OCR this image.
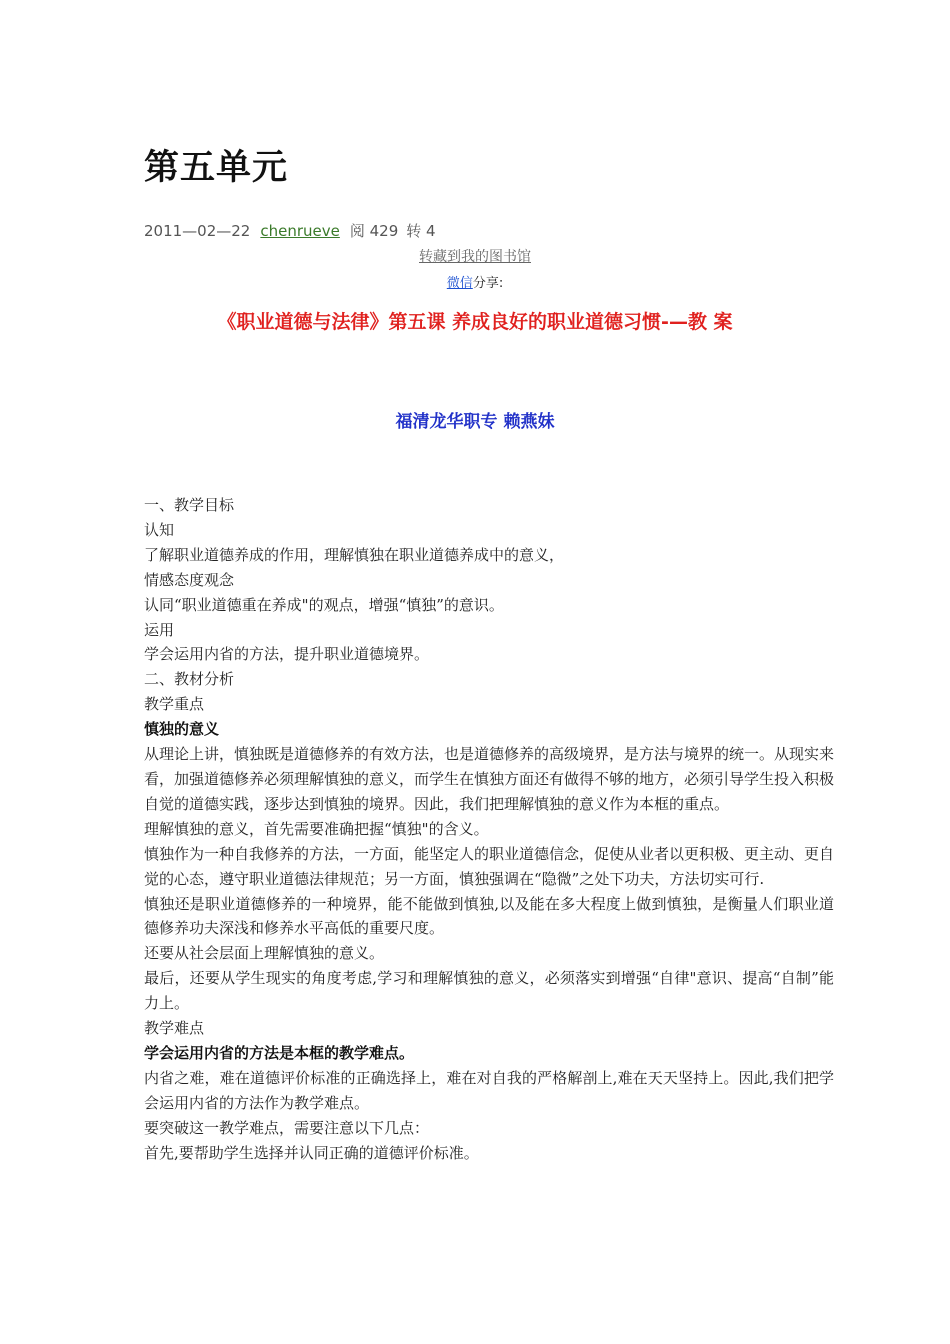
第五单元
2011—02—22 chenrueve 阅 429 转 4
转藏到我的图书馆
微信分享:
《职业道德与法律》第五课 养成良好的职业道德习惯-—教 案
福清龙华职专 赖燕妹

一、教学目标

认知

了解职业道德养成的作用，理解慎独在职业道德养成中的意义，

情感态度观念

认同“职业道德重在养成"的观点，增强“慎独”的意识。

运用

学会运用内省的方法，提升职业道德境界。

二、教材分析

教学重点

慎独的意义

从理论上讲，慎独既是道德修养的有效方法，也是道德修养的高级境界，是方法与境界的统一。从现实来看，加强道德修养必须理解慎独的意义，而学生在慎独方面还有做得不够的地方，必须引导学生投入积极自觉的道德实践，逐步达到慎独的境界。因此，我们把理解慎独的意义作为本框的重点。

理解慎独的意义，首先需要准确把握“慎独"的含义。

慎独作为一种自我修养的方法，一方面，能坚定人的职业道德信念，促使从业者以更积极、更主动、更自觉的心态，遵守职业道德法律规范；另一方面，慎独强调在“隐微”之处下功夫，方法切实可行.

慎独还是职业道德修养的一种境界，能不能做到慎独,以及能在多大程度上做到慎独，是衡量人们职业道德修养功夫深浅和修养水平高低的重要尺度。

还要从社会层面上理解慎独的意义。

最后，还要从学生现实的角度考虑,学习和理解慎独的意义，必须落实到增强“自律"意识、提高“自制”能力上。

教学难点

学会运用内省的方法是本框的教学难点。

内省之难，难在道德评价标准的正确选择上，难在对自我的严格解剖上,难在天天坚持上。因此,我们把学会运用内省的方法作为教学难点。

要突破这一教学难点，需要注意以下几点：

首先,要帮助学生选择并认同正确的道德评价标准。
